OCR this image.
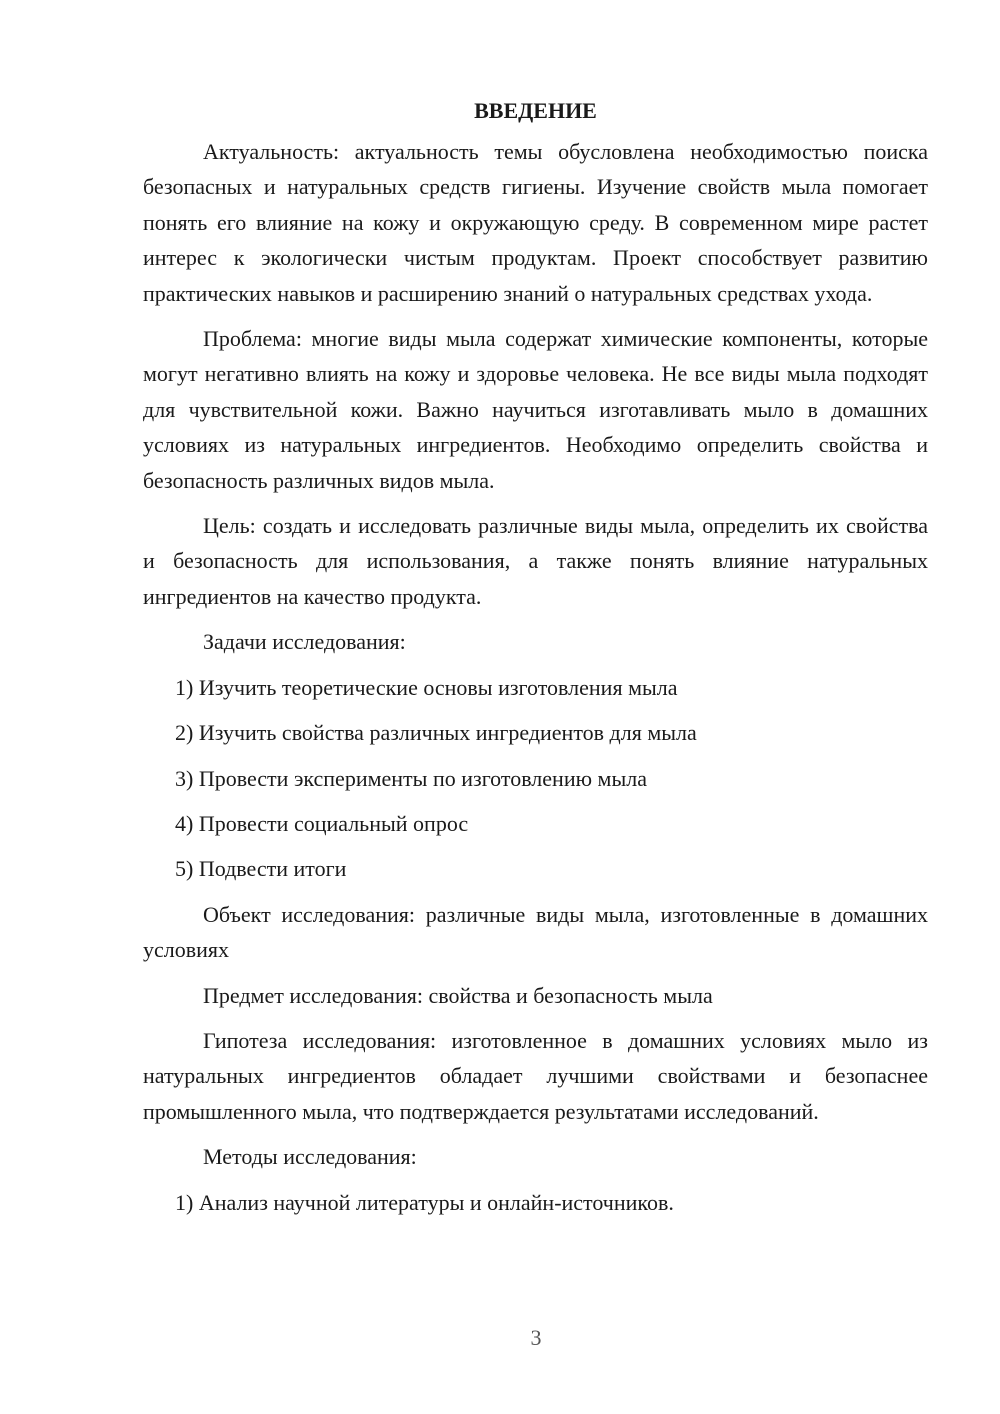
ВВЕДЕНИЕ

Актуальность: актуальность темы обусловлена необходимостью поиска безопасных и натуральных средств гигиены. Изучение свойств мыла помогает понять его влияние на кожу и окружающую среду. В современном мире растет интерес к экологически чистым продуктам. Проект способствует развитию практических навыков и расширению знаний о натуральных средствах ухода.

Проблема: многие виды мыла содержат химические компоненты, которые могут негативно влиять на кожу и здоровье человека. Не все виды мыла подходят для чувствительной кожи. Важно научиться изготавливать мыло в домашних условиях из натуральных ингредиентов. Необходимо определить свойства и безопасность различных видов мыла.

Цель: создать и исследовать различные виды мыла, определить их свойства и безопасность для использования, а также понять влияние натуральных ингредиентов на качество продукта.

Задачи исследования:

1) Изучить теоретические основы изготовления мыла

2) Изучить свойства различных ингредиентов для мыла

3) Провести эксперименты по изготовлению мыла

4) Провести социальный опрос

5) Подвести итоги

Объект исследования: различные виды мыла, изготовленные в домашних условиях

Предмет исследования: свойства и безопасность мыла

Гипотеза исследования: изготовленное в домашних условиях мыло из натуральных ингредиентов обладает лучшими свойствами и безопаснее промышленного мыла, что подтверждается результатами исследований.

Методы исследования:

1) Анализ научной литературы и онлайн-источников.

3
